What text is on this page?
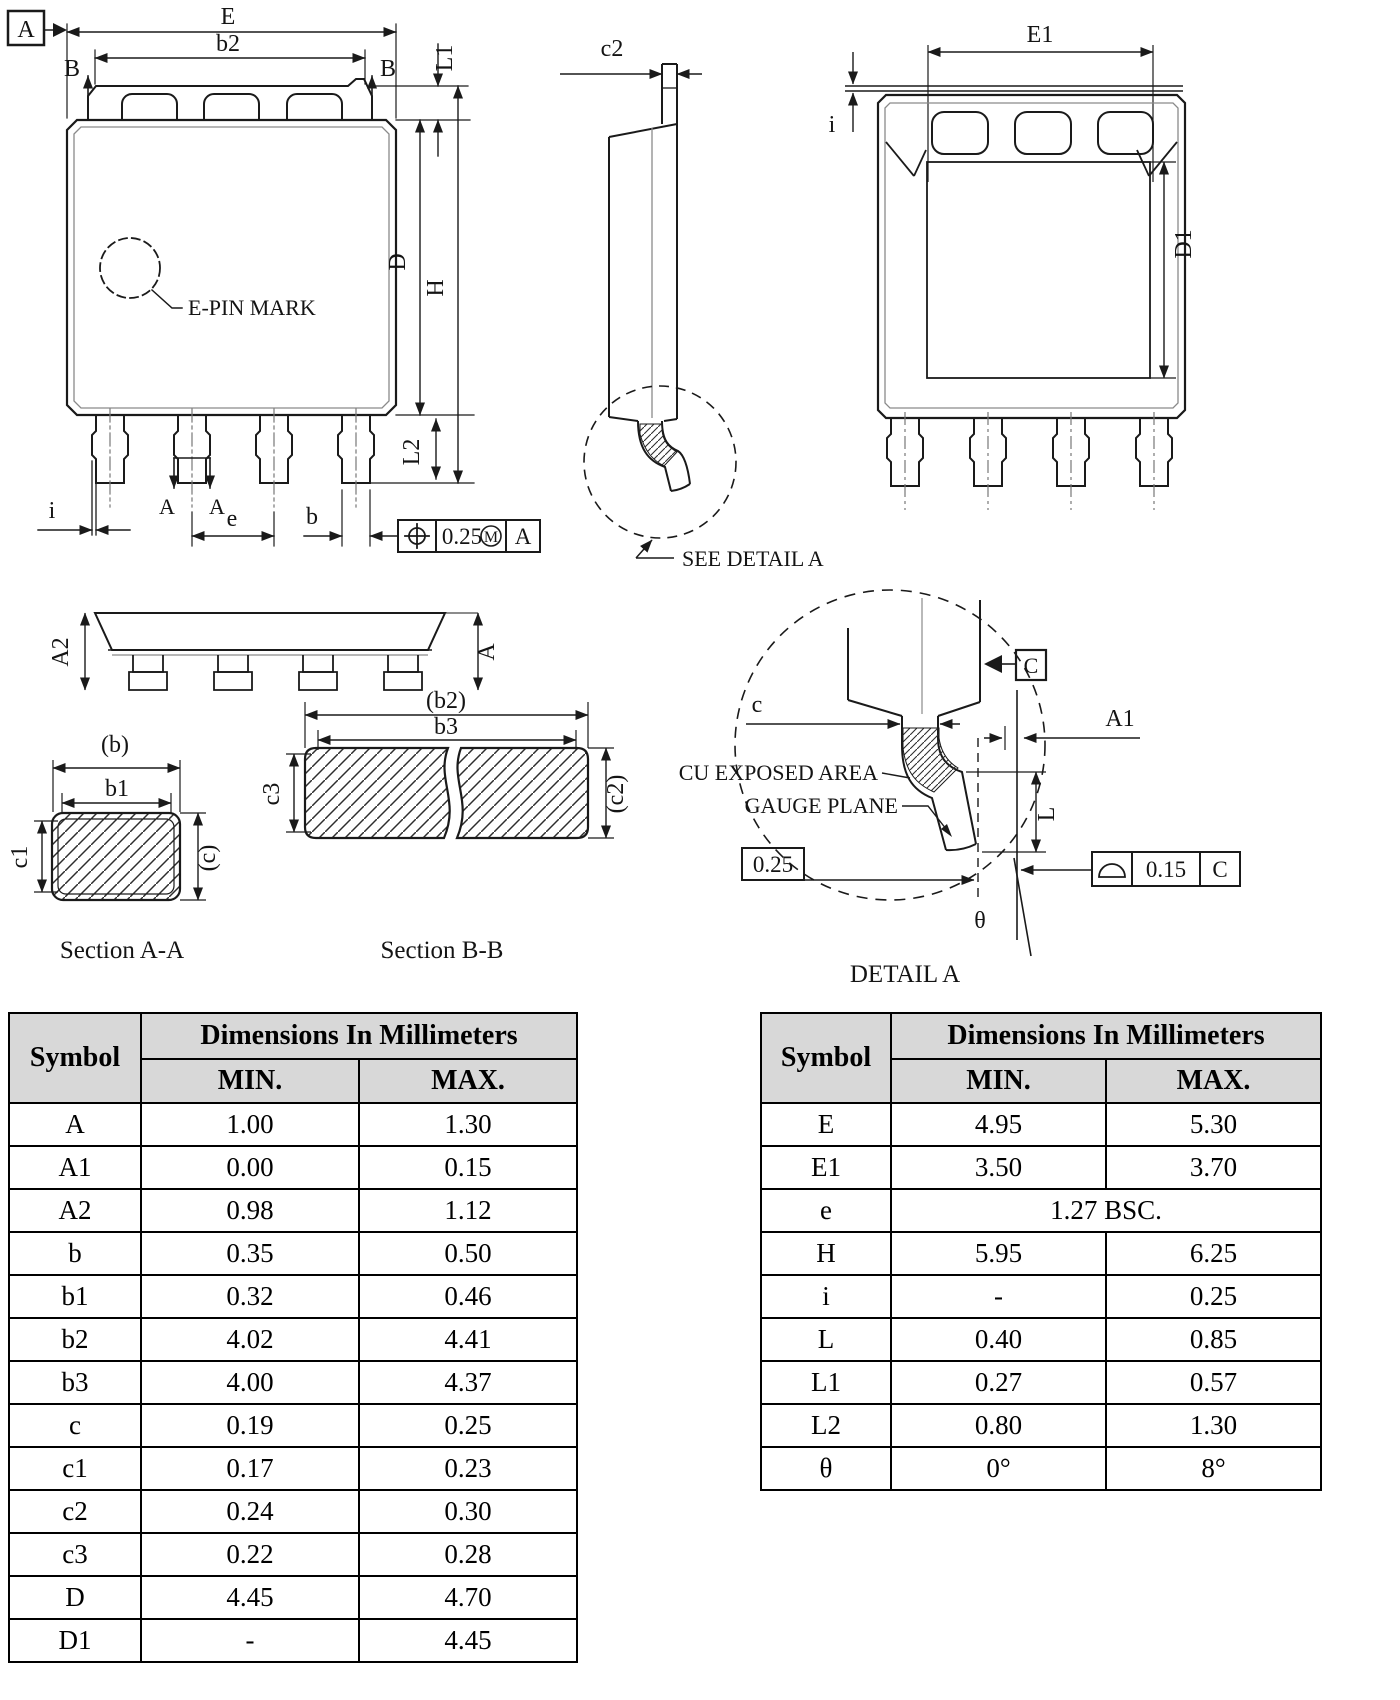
A	E
b2
B	B
E-PIN MARK
i	A A e	b
0.25 M A
L1
D
H
L2
c2
SEE DETAIL A
E1
i
D1
A2	A
(b)
b1
c1	(c)
Section A-A
(b2)
b3
c3	(c2)
Section B-B
C
θ
c
A1
CU EXPOSED AREA
GAUGE PLANE	L
0.25	0.15 C
DETAIL A
Symbol	Dimensions In Millimeters	
	MIN.	MAX.
A	1.00	1.30
A1	0.00	0.15
A2	0.98	1.12
b	0.35	0.50
b1	0.32	0.46
b2	4.02	4.41
b3	4.00	4.37
c	0.19	0.25
c1	0.17	0.23
c2	0.24	0.30
c3	0.22	0.28
D	4.45	4.70
D1	-	4.45
Symbol	Dimensions In Millimeters	
	MIN.	MAX.
E	4.95	5.30
E1	3.50	3.70
e	1.27 BSC.	
H	5.95	6.25
i	-	0.25
L	0.40	0.85
L1	0.27	0.57
L2	0.80	1.30
θ	0°	8°
